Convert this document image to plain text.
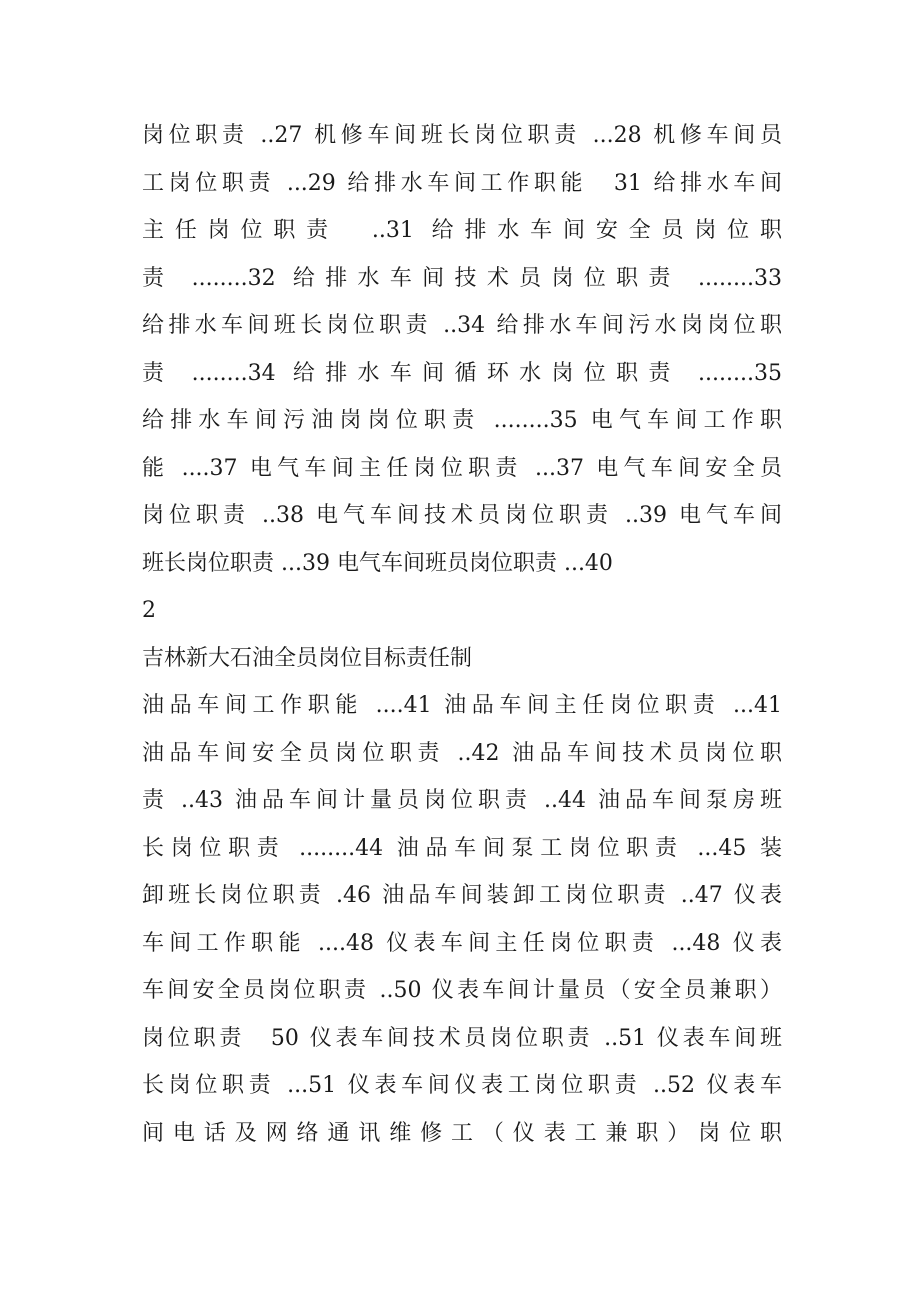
岗位职责 ..27 机修车间班长岗位职责 ...28 机修车间员
工岗位职责 ...29 给排水车间工作职能　31 给排水车间
主任岗位职责　..31 给排水车间安全员岗位职
责 ........32 给排水车间技术员岗位职责 ........33
给排水车间班长岗位职责 ..34 给排水车间污水岗岗位职
责 ........34 给排水车间循环水岗位职责 ........35
给排水车间污油岗岗位职责 ........35 电气车间工作职
能 ....37 电气车间主任岗位职责 ...37 电气车间安全员
岗位职责 ..38 电气车间技术员岗位职责 ..39 电气车间
班长岗位职责 ...39 电气车间班员岗位职责 ...40
2
吉林新大石油全员岗位目标责任制
油品车间工作职能 ....41 油品车间主任岗位职责 ...41
油品车间安全员岗位职责 ..42 油品车间技术员岗位职
责 ..43 油品车间计量员岗位职责 ..44 油品车间泵房班
长岗位职责 ........44 油品车间泵工岗位职责 ...45 装
卸班长岗位职责 .46 油品车间装卸工岗位职责 ..47 仪表
车间工作职能 ....48 仪表车间主任岗位职责 ...48 仪表
车间安全员岗位职责 ..50 仪表车间计量员（安全员兼职）
岗位职责　50 仪表车间技术员岗位职责 ..51 仪表车间班
长岗位职责 ...51 仪表车间仪表工岗位职责 ..52 仪表车
间电话及网络通讯维修工（仪表工兼职）岗位职
